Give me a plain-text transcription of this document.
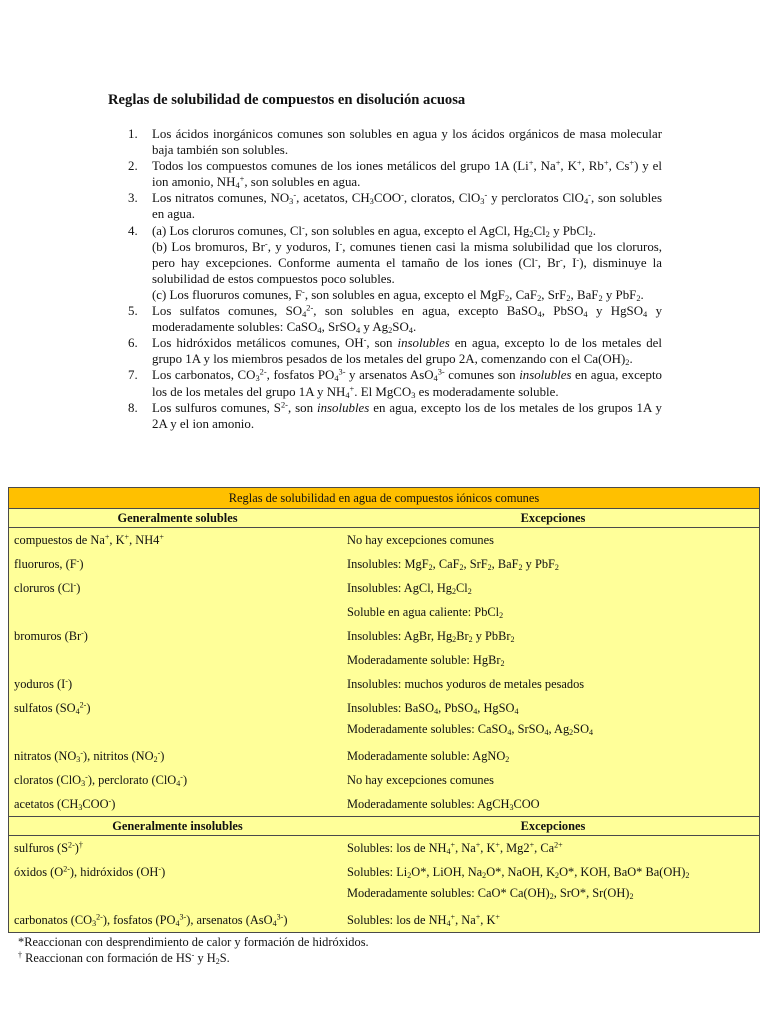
Reglas de solubilidad de compuestos en disolución acuosa
1. Los ácidos inorgánicos comunes son solubles en agua y los ácidos orgánicos de masa molecular baja también son solubles.
2. Todos los compuestos comunes de los iones metálicos del grupo 1A (Li+, Na+, K+, Rb+, Cs+) y el ion amonio, $NH_4^+$, son solubles en agua.
3. Los nitratos comunes, $NO_3^-$, acetatos, $CH_3COO^-$, cloratos, ClO$_3$- y percloratos ClO$_4$-, son solubles en agua.
4. (a) Los cloruros comunes, Cl-, son solubles en agua, excepto el AgCl, $Hg_2Cl_2$ y PbCl$_2$.
(b) Los bromuros, Br-, y yoduros, I-, comunes tienen casi la misma solubilidad que los cloruros, pero hay excepciones. Conforme aumenta el tamaño de los iones (Cl-, Br-, I-), disminuye la solubilidad de estos compuestos poco solubles.
(c) Los fluoruros comunes, F-, son solubles en agua, excepto el MgF$_2$, CaF$_2$, SrF$_2$, BaF$_2$ y PbF$_2$.
5. Los sulfatos comunes, $SO_4^{2-}$, son solubles en agua, excepto BaSO$_4$, PbSO$_4$ y HgSO$_4$ y moderadamente solubles: CaSO$_4$, SrSO$_4$ y $Ag_2SO_4$.
6. Los hidróxidos metálicos comunes, OH-, son insolubles en agua, excepto lo de los metales del grupo 1A y los miembros pesados de los metales del grupo 2A, comenzando con el $Ca(OH)_2$.
7. Los carbonatos, $CO_3^{2-}$, fosfatos $PO_4^{3-}$ y arsenatos AsO$_4^{3-}$ comunes son insolubles en agua, excepto los de los metales del grupo 1A y $NH_4^+$. El MgCO$_3$ es moderadamente soluble.
8. Los sulfuros comunes, $S^{2-}$, son insolubles en agua, excepto los de los metales de los grupos 1A y 2A y el ion amonio.
Reglas de solubilidad en agua de compuestos iónicos comunes
Generalmente solubles	Excepciones
compuestos de Na+, K+, NH4+	No hay excepciones comunes
fluoruros, (F-)	Insolubles: MgF$_2$, CaF$_2$, SrF$_2$, BaF$_2$ y PbF$_2$
cloruros (Cl-)	Insolubles: AgCl, $Hg_2Cl_2$
Soluble en agua caliente: PbCl$_2$
bromuros (Br-)	Insolubles: AgBr, $Hg_2Br_2$ y PbBr$_2$
Moderadamente soluble: HgBr$_2$
yoduros (I-)	Insolubles: muchos yoduros de metales pesados
sulfatos $(SO_4^{2-})$	Insolubles: BaSO$_4$, PbSO$_4$, HgSO$_4$
Moderadamente solubles: CaSO$_4$, SrSO$_4$, $Ag_2SO_4$
nitratos $(NO_3^-)$, nitritos $(NO_2^-)$	Moderadamente soluble: AgNO$_2$
cloratos (ClO$_3$-), perclorato (ClO$_4$-)	No hay excepciones comunes
acetatos $(CH_3COO^-)$	Moderadamente solubles: AgCH$_3$COO
Generalmente insolubles	Excepciones
sulfuros $(S^{2-})^\dagger$	Solubles: los de $NH_4^+$, Na+, K+, Mg2+, $Ca^{2+}$
óxidos $(O^{2-})$, hidróxidos (OH-)	Solubles: $Li_2O*$, LiOH, $Na_2O*$, NaOH, $K_2O*$, KOH, BaO* $Ba(OH)_2$
Moderadamente solubles: CaO* $Ca(OH)_2$, SrO*, $Sr(OH)_2$
carbonatos $(CO_3^{2-})$, fosfatos $(PO_4^{3-})$, arsenatos (AsO$_4^{3-}$)	Solubles: los de $NH_4^+$, Na+, K+

*Reaccionan con desprendimiento de calor y formación de hidróxidos.

† Reaccionan con formación de HS- y $H_2S$.
